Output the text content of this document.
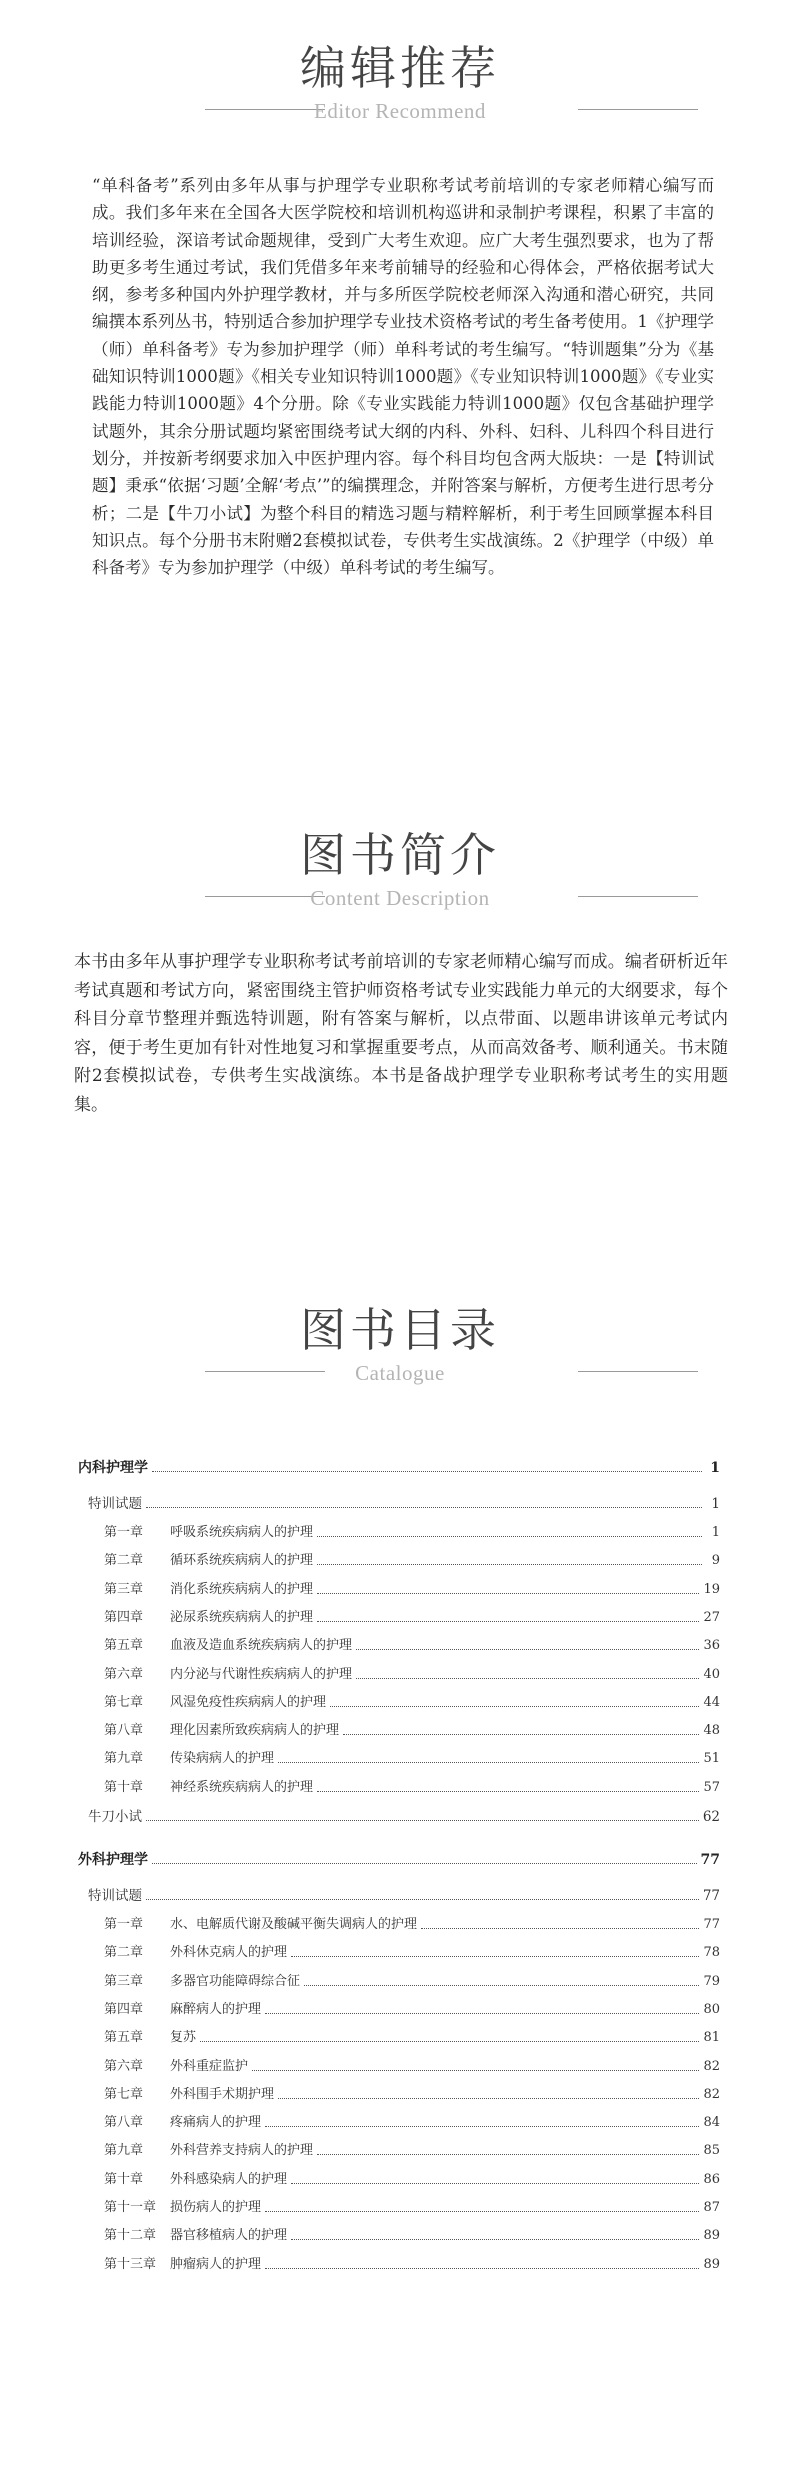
编辑推荐
Editor Recommend

“单科备考”系列由多年从事与护理学专业职称考试考前培训的专家老师精心编写而成。我们多年来在全国各大医学院校和培训机构巡讲和录制护考课程，积累了丰富的培训经验，深谙考试命题规律，受到广大考生欢迎。应广大考生强烈要求，也为了帮助更多考生通过考试，我们凭借多年来考前辅导的经验和心得体会，严格依据考试大纲，参考多种国内外护理学教材，并与多所医学院校老师深入沟通和潜心研究，共同编撰本系列丛书，特别适合参加护理学专业技术资格考试的考生备考使用。1《护理学（师）单科备考》专为参加护理学（师）单科考试的考生编写。“特训题集”分为《基础知识特训1000题》《相关专业知识特训1000题》《专业知识特训1000题》《专业实践能力特训1000题》4个分册。除《专业实践能力特训1000题》仅包含基础护理学试题外，其余分册试题均紧密围绕考试大纲的内科、外科、妇科、儿科四个科目进行划分，并按新考纲要求加入中医护理内容。每个科目均包含两大版块：一是【特训试题】秉承“依据‘习题’全解‘考点’”的编撰理念，并附答案与解析，方便考生进行思考分析；二是【牛刀小试】为整个科目的精选习题与精粹解析，利于考生回顾掌握本科目知识点。每个分册书末附赠2套模拟试卷，专供考生实战演练。2《护理学（中级）单科备考》专为参加护理学（中级）单科考试的考生编写。

图书简介
Content Description

本书由多年从事护理学专业职称考试考前培训的专家老师精心编写而成。编者研析近年考试真题和考试方向，紧密围绕主管护师资格考试专业实践能力单元的大纲要求，每个科目分章节整理并甄选特训题，附有答案与解析，以点带面、以题串讲该单元考试内容，便于考生更加有针对性地复习和掌握重要考点，从而高效备考、顺利通关。书末随附2套模拟试卷，专供考生实战演练。本书是备战护理学专业职称考试考生的实用题集。

图书目录
Catalogue
内科护理学	1
特训试题	1
第一章 呼吸系统疾病病人的护理	1
第二章 循环系统疾病病人的护理	9
第三章 消化系统疾病病人的护理	19
第四章 泌尿系统疾病病人的护理	27
第五章 血液及造血系统疾病病人的护理	36
第六章 内分泌与代谢性疾病病人的护理	40
第七章 风湿免疫性疾病病人的护理	44
第八章 理化因素所致疾病病人的护理	48
第九章 传染病病人的护理	51
第十章 神经系统疾病病人的护理	57
牛刀小试	62
外科护理学	77
特训试题	77
第一章 水、电解质代谢及酸碱平衡失调病人的护理	77
第二章 外科休克病人的护理	78
第三章 多器官功能障碍综合征	79
第四章 麻醉病人的护理	80
第五章 复苏	81
第六章 外科重症监护	82
第七章 外科围手术期护理	82
第八章 疼痛病人的护理	84
第九章 外科营养支持病人的护理	85
第十章 外科感染病人的护理	86
第十一章 损伤病人的护理	87
第十二章 器官移植病人的护理	89
第十三章 肿瘤病人的护理	89
